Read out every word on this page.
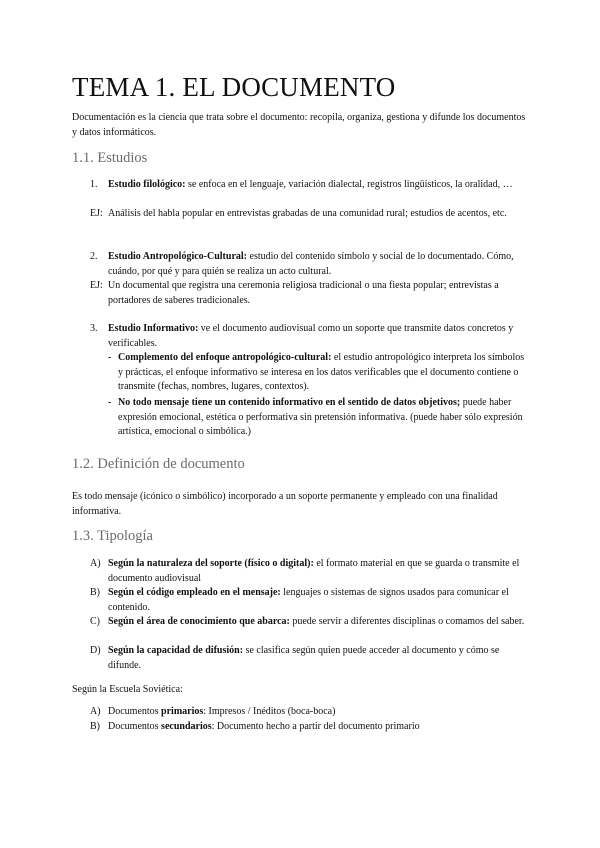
TEMA 1. EL DOCUMENTO

Documentación es la ciencia que trata sobre el documento: recopila, organiza, gestiona y difunde los documentos y datos informáticos.

1.1. Estudios
1. Estudio filológico: se enfoca en el lenguaje, variación dialectal, registros lingüísticos, la oralidad, …

EJ: Análisis del habla popular en entrevistas grabadas de una comunidad rural; estudios de acentos, etc.

2. Estudio Antropológico-Cultural: estudio del contenido símbolo y social de lo documentado. Cómo, cuándo, por qué y para quién se realiza un acto cultural.

EJ: Un documental que registra una ceremonia religiosa tradicional o una fiesta popular; entrevistas a portadores de saberes tradicionales.

3. Estudio Informativo: ve el documento audiovisual como un soporte que transmite datos concretos y verificables.

- Complemento del enfoque antropológico-cultural: el estudio antropológico interpreta los símbolos y prácticas, el enfoque informativo se interesa en los datos verificables que el documento contiene o transmite (fechas, nombres, lugares, contextos).

- No todo mensaje tiene un contenido informativo en el sentido de datos objetivos; puede haber expresión emocional, estética o performativa sin pretensión informativa. (puede haber sólo expresión artística, emocional o simbólica.)

1.2. Definición de documento

Es todo mensaje (icónico o simbólico) incorporado a un soporte permanente y empleado con una finalidad informativa.

1.3. Tipología
A) Según la naturaleza del soporte (físico o digital): el formato material en que se guarda o transmite el documento audiovisual

B) Según el código empleado en el mensaje: lenguajes o sistemas de signos usados para comunicar el contenido.

C) Según el área de conocimiento que abarca: puede servir a diferentes disciplinas o comamos del saber.

D) Según la capacidad de difusión: se clasifica según quien puede acceder al documento y cómo se difunde.

Según la Escuela Soviética:

A) Documentos primarios: Impresos / Inéditos (boca-boca)

B) Documentos secundarios: Documento hecho a partir del documento primario
